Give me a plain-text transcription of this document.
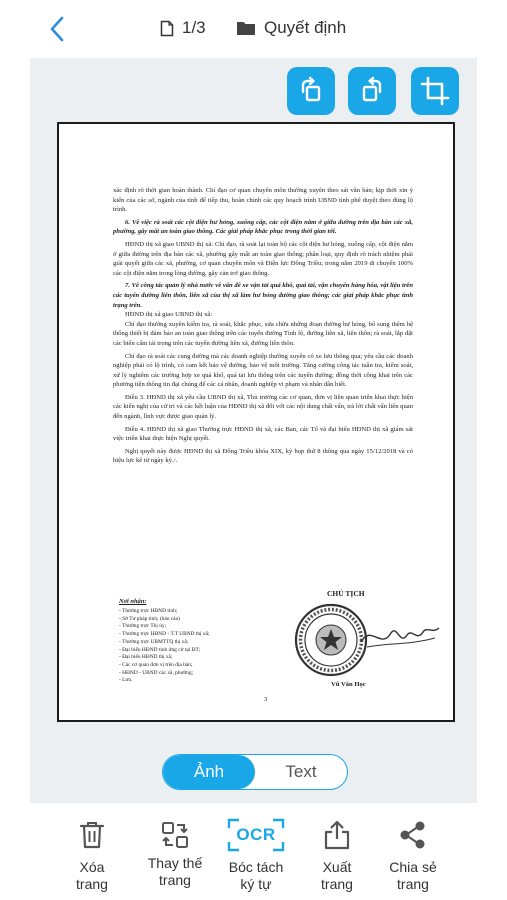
1/3	Quyết định

xác định rõ thời gian hoàn thành. Chỉ đạo cơ quan chuyên môn thường xuyên theo sát văn bản; kịp thời xin ý kiến của các sở, ngành của tỉnh để tiếp thu, hoàn chỉnh các quy hoạch trình UBND tỉnh phê duyệt theo đúng lộ trình.

6. Về việc rà soát các cột điện hư hỏng, xuống cấp, các cột điện nằm ở giữa đường trên địa bàn các xã, phường, gây mất an toàn giao thông. Các giải pháp khắc phục trong thời gian tới.

HĐND thị xã giao UBND thị xã: Chỉ đạo, rà soát lại toàn bộ các cột điện hư hỏng, xuống cấp, cột điện nằm ở giữa đường trên địa bàn các xã, phường gây mất an toàn giao thông; phân loại, quy định rõ trách nhiệm phải giải quyết giữa các xã, phường, cơ quan chuyên môn và Điện lực Đông Triều; trong năm 2019 di chuyển 100% các cột điện nằm trong lòng đường, gây cản trở giao thông.

7. Về công tác quản lý nhà nước về vấn đề xe vận tải quá khổ, quá tải, vận chuyển hàng hóa, vật liệu trên các tuyến đường liên thôn, liên xã của thị xã làm hư hỏng đường giao thông; các giải pháp khắc phục tình trạng trên.

HĐND thị xã giao UBND thị xã:

Chỉ đạo thường xuyên kiểm tra, rà soát, khắc phục, sửa chữa những đoạn đường hư hỏng, bổ sung thêm hệ thống thiết bị đảm bảo an toàn giao thông trên các tuyến đường Tỉnh lộ, đường liên xã, liên thôn; rà soát, lắp đặt các biển cấm tải trọng trên các tuyến đường liên xã, đường liên thôn.

Chỉ đạo rà soát các cung đường mà các doanh nghiệp thường xuyên có xe lưu thông qua; yêu cầu các doanh nghiệp phải có lộ trình, có cam kết bảo vệ đường, bảo vệ môi trường. Tăng cường công tác tuần tra, kiểm soát, xử lý nghiêm các trường hợp xe quá khổ, quá tải lưu thông trên các tuyến đường; đồng thời công khai trên các phương tiện thông tin đại chúng để các cá nhân, doanh nghiệp vi phạm và nhân dân biết.

Điều 3. HĐND thị xã yêu cầu UBND thị xã, Thủ trưởng các cơ quan, đơn vị liên quan triển khai thực hiện các kiến nghị của cử tri và các kết luận của HĐND thị xã đối với các nội dung chất vấn, trả lời chất vấn liên quan đến ngành, lĩnh vực được giao quản lý.

Điều 4. HĐND thị xã giao Thường trực HĐND thị xã, các Ban, các Tổ và đại biểu HĐND thị xã giám sát việc triển khai thực hiện Nghị quyết.

Nghị quyết này được HĐND thị xã Đông Triều khóa XIX, kỳ họp thứ 8 thông qua ngày 15/12/2018 và có hiệu lực kể từ ngày ký./.

Nơi nhận:
- Thường trực HĐND tỉnh;
- Sở Tư pháp tỉnh; (báo cáo)
- Thường trực Thị ủy;
- Thường trực HĐND - T.T UBND thị xã;
- Thường trực UBMTTQ thị xã;
- Đại biểu HĐND tỉnh ứng cử tại ĐT;
- Đại biểu HĐND thị xã;
- Các cơ quan đơn vị trên địa bàn;
- HĐND - UBND các xã, phường;
- Lưu.
CHỦ TỊCH
Vũ Văn Học
3
Ảnh	Text
Xóa trang
Thay thế trang
OCR
Bóc tách ký tự
Xuất trang
Chia sẻ trang
